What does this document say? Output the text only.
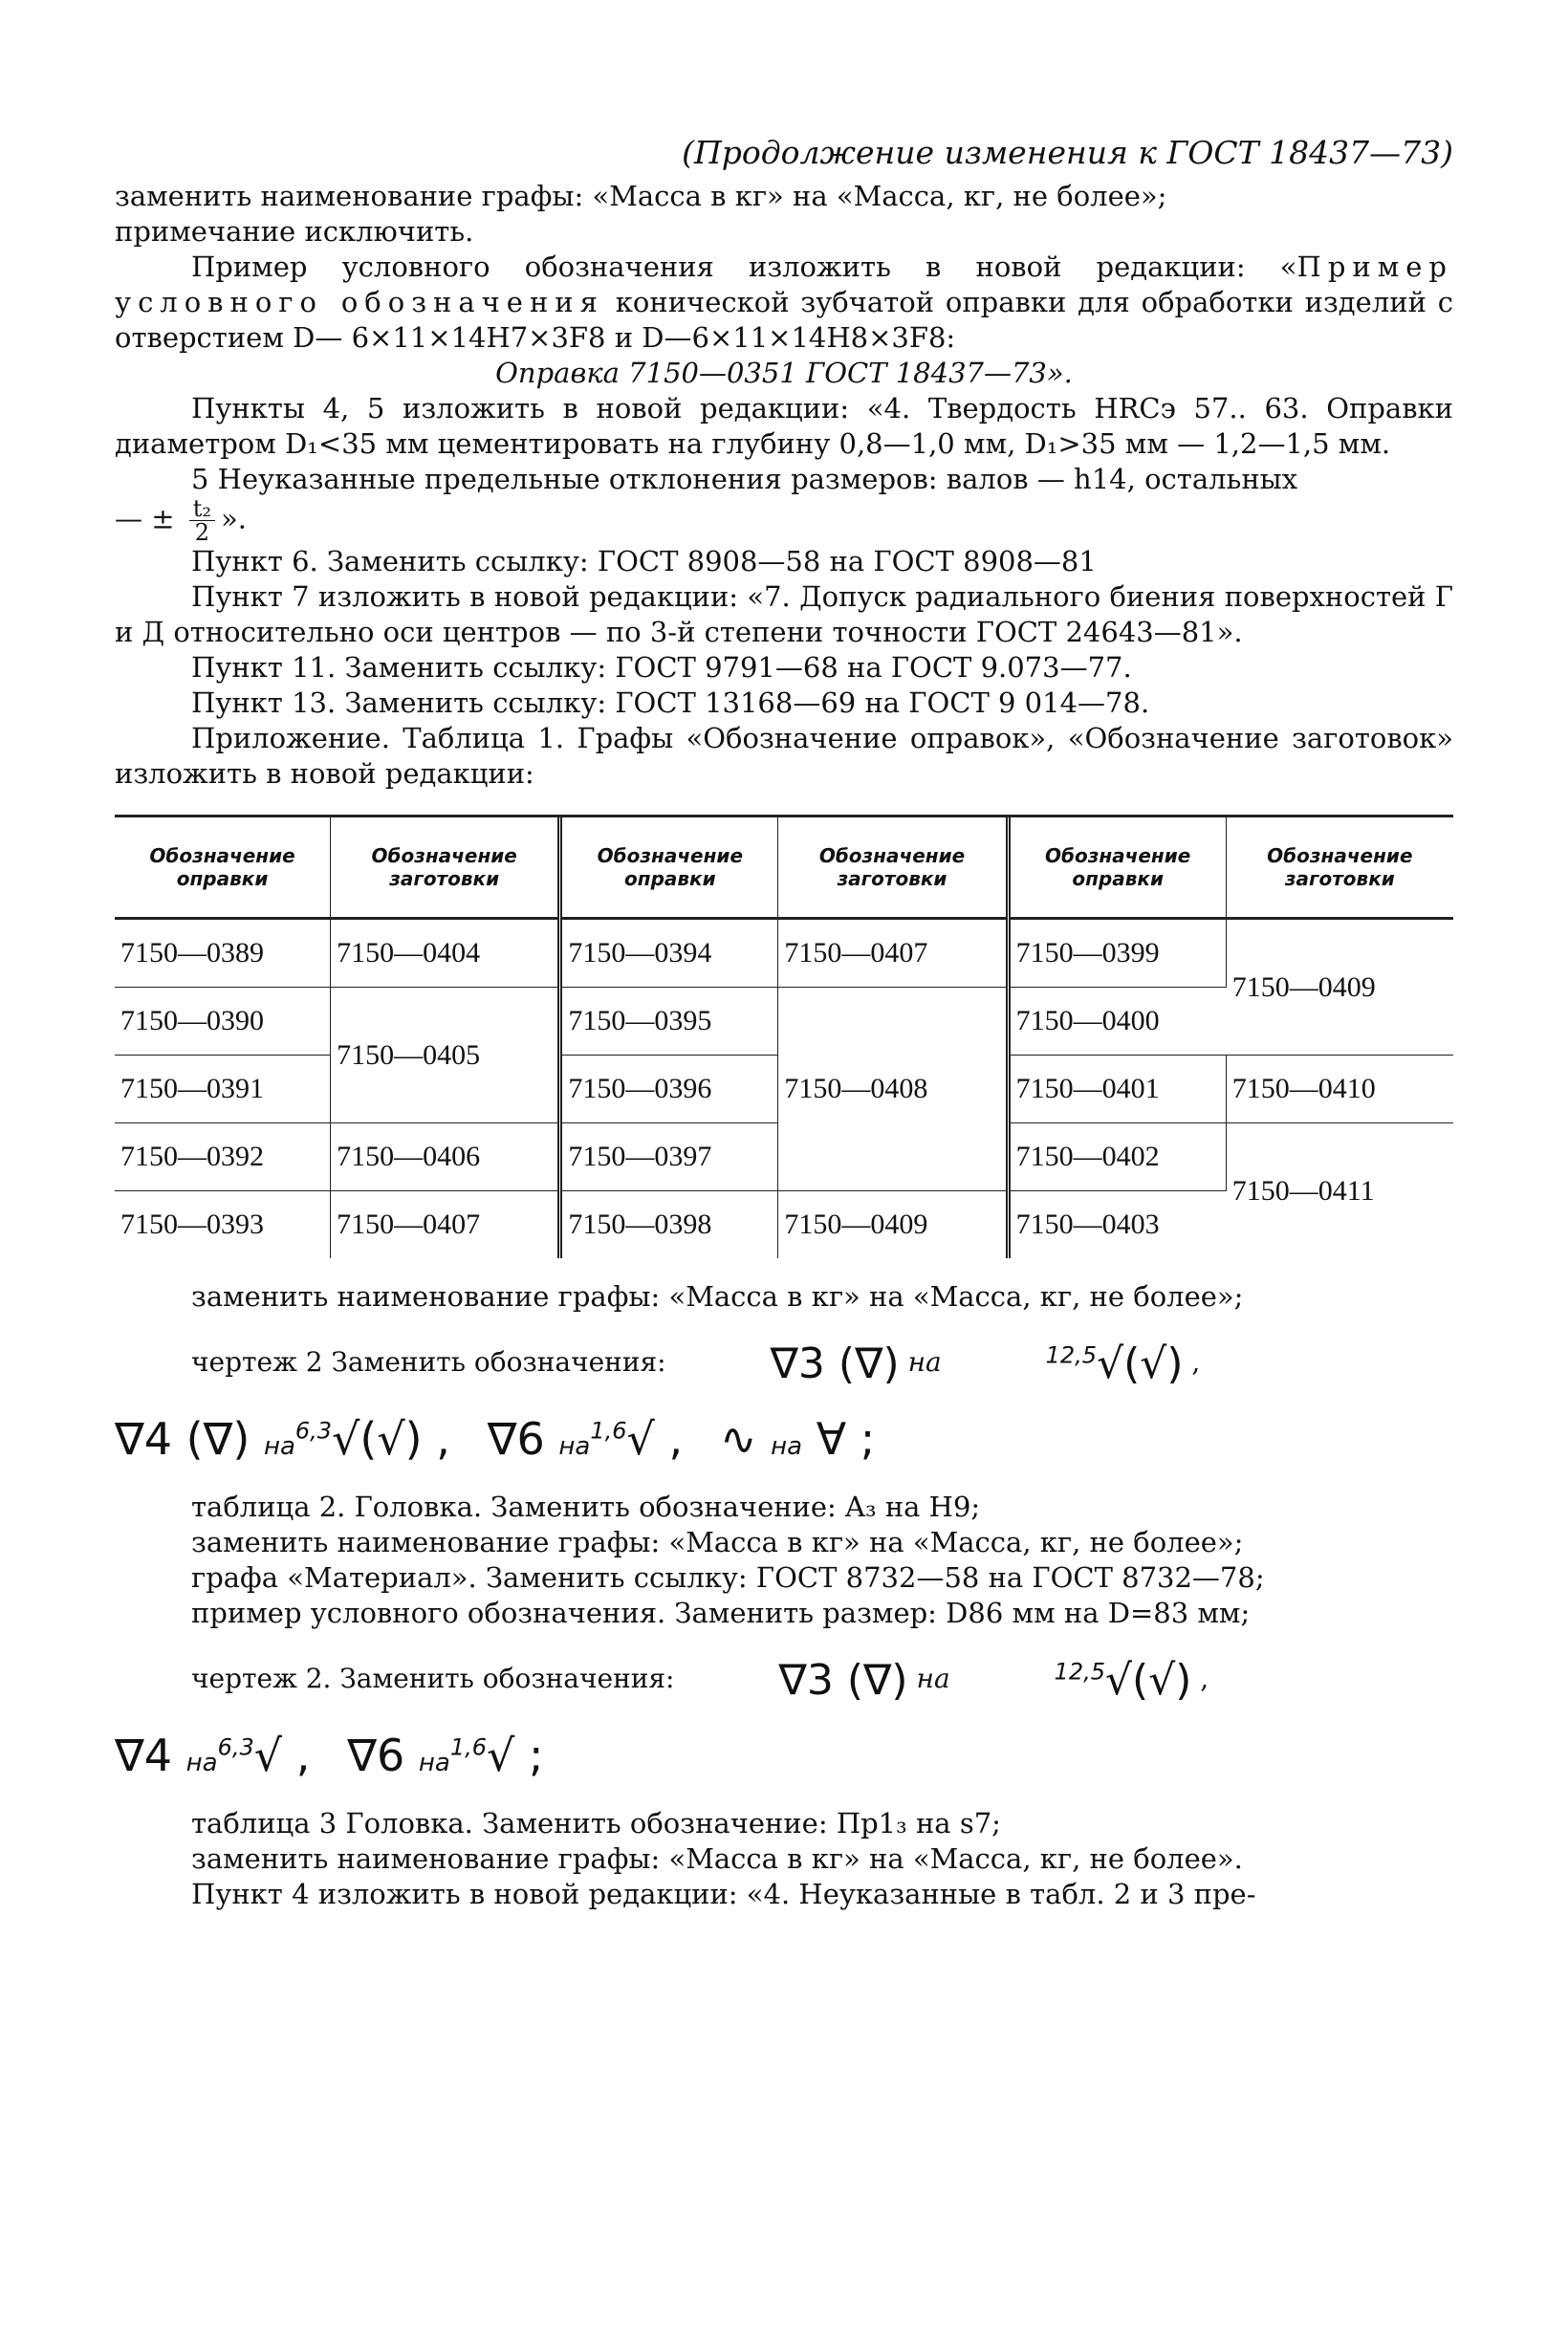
(Продолжение изменения к ГОСТ 18437—73)
заменить наименование графы: «Масса в кг» на «Масса, кг, не более»;
примечание исключить.
Пример условного обозначения изложить в новой редакции: «Пример условного обозначения конической зубчатой оправки для обработки изделий с отверстием D— 6×11×14H7×3F8 и D—6×11×14H8×3F8:
Оправка 7150—0351 ГОСТ 18437—73».
Пункты 4, 5 изложить в новой редакции: «4. Твердость HRCэ 57.. 63. Оправки диаметром D₁<35 мм цементировать на глубину 0,8—1,0 мм, D₁>35 мм — 1,2—1,5 мм.
5 Неуказанные предельные отклонения размеров: валов — h14, остальных
— ± $\frac{\text{t₂}}{2}$ ».
Пункт 6. Заменить ссылку: ГОСТ 8908—58 на ГОСТ 8908—81
Пункт 7 изложить в новой редакции: «7. Допуск радиального биения поверхностей Г и Д относительно оси центров — по 3-й степени точности ГОСТ 24643—81».
Пункт 11. Заменить ссылку: ГОСТ 9791—68 на ГОСТ 9.073—77.
Пункт 13. Заменить ссылку: ГОСТ 13168—69 на ГОСТ 9 014—78.
Приложение. Таблица 1. Графы «Обозначение оправок», «Обозначение заготовок» изложить в новой редакции:
Обозначение оправки	Обозначение заготовки	Обозначение оправки	Обозначение заготовки	Обозначение оправки	Обозначение заготовки
7150—0389	7150—0404	7150—0394	7150—0407	7150—0399	7150—0409
7150—0390	7150—0405	7150—0395	7150—0408	7150—0400	
7150—0391		7150—0396		7150—0401	7150—0410
7150—0392	7150—0406	7150—0397		7150—0402	7150—0411
7150—0393	7150—0407	7150—0398	7150—0409	7150—0403	
заменить наименование графы: «Масса в кг» на «Масса, кг, не более»;
чертеж 2 Заменить обозначения: ∇3 (∇) на	$^{12,5}$√(√) ,
∇4 (∇) на$^{6,3}$√(√) , ∇6 на$^{1,6}$√ , ∿ на ∀ ;
таблица 2. Головка. Заменить обозначение: A₃ на H9;
заменить наименование графы: «Масса в кг» на «Масса, кг, не более»;
графа «Материал». Заменить ссылку: ГОСТ 8732—58 на ГОСТ 8732—78;
пример условного обозначения. Заменить размер: D86 мм на D=83 мм;
чертеж 2. Заменить обозначения: ∇3 (∇) на	$^{12,5}$√(√) ,
∇4 на$^{6,3}$√ , ∇6 на$^{1,6}$√ ;
таблица 3 Головка. Заменить обозначение: Пр1₃ на s7;
заменить наименование графы: «Масса в кг» на «Масса, кг, не более».
Пункт 4 изложить в новой редакции: «4. Неуказанные в табл. 2 и 3 пре-
